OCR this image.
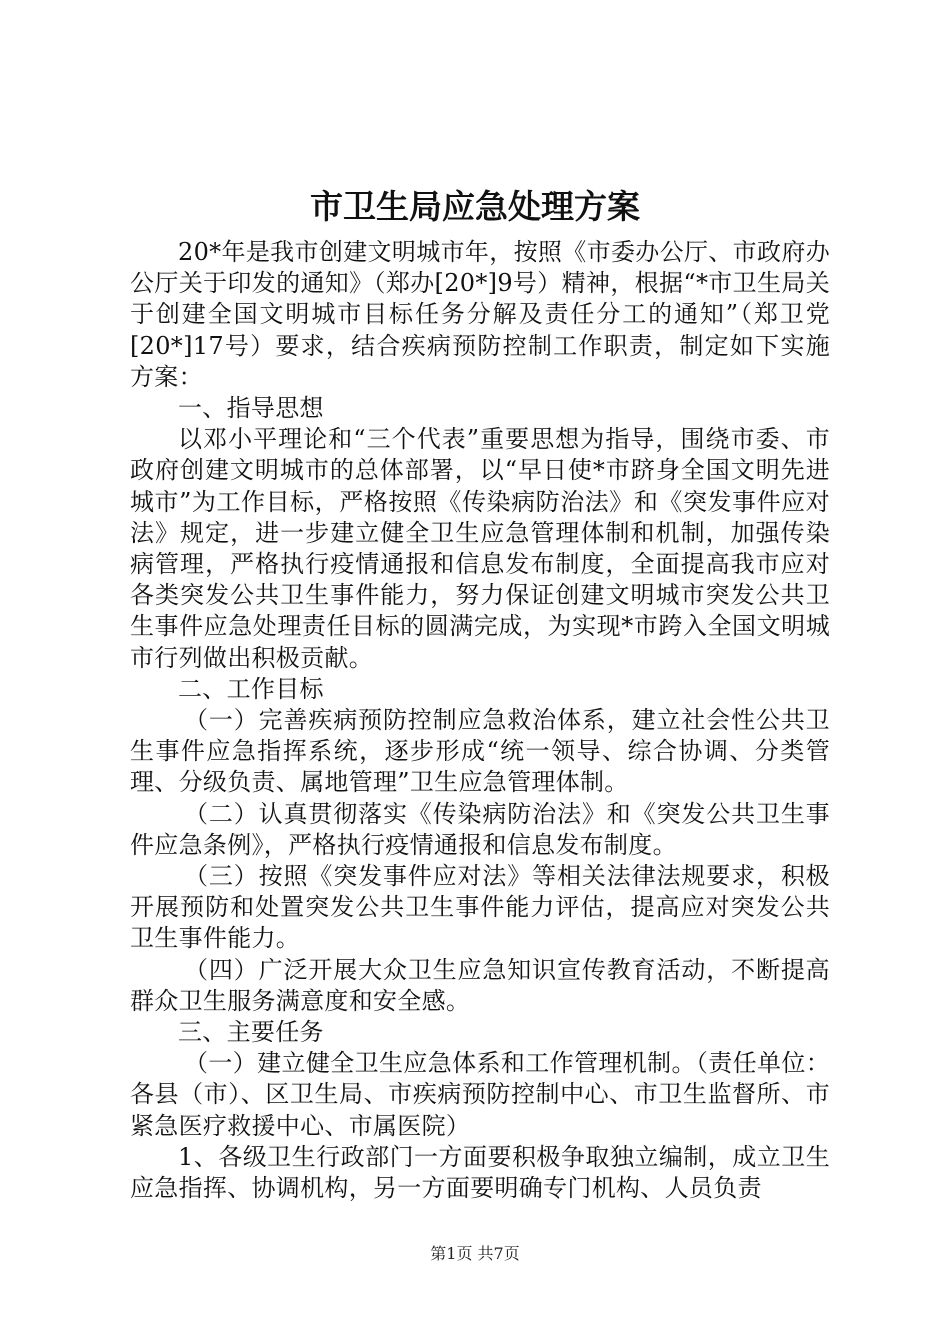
市卫生局应急处理方案

20*年是我市创建文明城市年，按照《市委办公厅、市政府办公厅关于印发的通知》（郑办[20*]9号）精神，根据“*市卫生局关于创建全国文明城市目标任务分解及责任分工的通知”（郑卫党[20*]17号）要求，结合疾病预防控制工作职责，制定如下实施方案：

一、指导思想

以邓小平理论和“三个代表”重要思想为指导，围绕市委、市政府创建文明城市的总体部署，以“早日使*市跻身全国文明先进城市”为工作目标，严格按照《传染病防治法》和《突发事件应对法》规定，进一步建立健全卫生应急管理体制和机制，加强传染病管理，严格执行疫情通报和信息发布制度，全面提高我市应对各类突发公共卫生事件能力，努力保证创建文明城市突发公共卫生事件应急处理责任目标的圆满完成，为实现*市跨入全国文明城市行列做出积极贡献。

二、工作目标

（一）完善疾病预防控制应急救治体系，建立社会性公共卫生事件应急指挥系统，逐步形成“统一领导、综合协调、分类管理、分级负责、属地管理”卫生应急管理体制。

（二）认真贯彻落实《传染病防治法》和《突发公共卫生事件应急条例》，严格执行疫情通报和信息发布制度。

（三）按照《突发事件应对法》等相关法律法规要求，积极开展预防和处置突发公共卫生事件能力评估，提高应对突发公共卫生事件能力。

（四）广泛开展大众卫生应急知识宣传教育活动，不断提高群众卫生服务满意度和安全感。

三、主要任务

（一）建立健全卫生应急体系和工作管理机制。（责任单位：各县（市）、区卫生局、市疾病预防控制中心、市卫生监督所、市紧急医疗救援中心、市属医院）

1、各级卫生行政部门一方面要积极争取独立编制，成立卫生应急指挥、协调机构，另一方面要明确专门机构、人员负责

第1页 共7页
